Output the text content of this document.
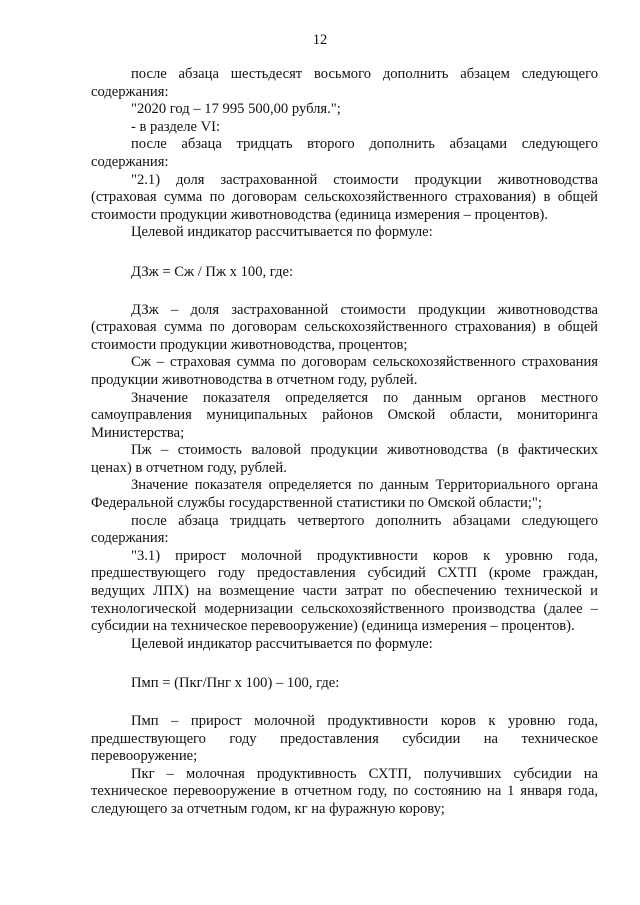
12

после абзаца шестьдесят восьмого дополнить абзацем следующего содержания:

"2020 год – 17 995 500,00 рубля.";

- в разделе VI:

после абзаца тридцать второго дополнить абзацами следующего содержания:

"2.1) доля застрахованной стоимости продукции животноводства (страховая сумма по договорам сельскохозяйственного страхования) в общей стоимости продукции животноводства (единица измерения – процентов).

Целевой индикатор рассчитывается по формуле:

ДЗж = Сж / Пж х 100, где:

ДЗж – доля застрахованной стоимости продукции животноводства (страховая сумма по договорам сельскохозяйственного страхования) в общей стоимости продукции животноводства, процентов;

Сж – страховая сумма по договорам сельскохозяйственного страхования продукции животноводства в отчетном году, рублей.

Значение показателя определяется по данным органов местного самоуправления муниципальных районов Омской области, мониторинга Министерства;

Пж – стоимость валовой продукции животноводства (в фактических ценах) в отчетном году, рублей.

Значение показателя определяется по данным Территориального органа Федеральной службы государственной статистики по Омской области;";

после абзаца тридцать четвертого дополнить абзацами следующего содержания:

"3.1) прирост молочной продуктивности коров к уровню года, предшествующего году предоставления субсидий СХТП (кроме граждан, ведущих ЛПХ) на возмещение части затрат по обеспечению технической и технологической модернизации сельскохозяйственного производства (далее – субсидии на техническое перевооружение) (единица измерения – процентов).

Целевой индикатор рассчитывается по формуле:

Пмп = (Пкг/Пнг х 100) – 100, где:

Пмп – прирост молочной продуктивности коров к уровню года, предшествующего году предоставления субсидии на техническое перевооружение;

Пкг – молочная продуктивность СХТП, получивших субсидии на техническое перевооружение в отчетном году, по состоянию на 1 января года, следующего за отчетным годом, кг на фуражную корову;
